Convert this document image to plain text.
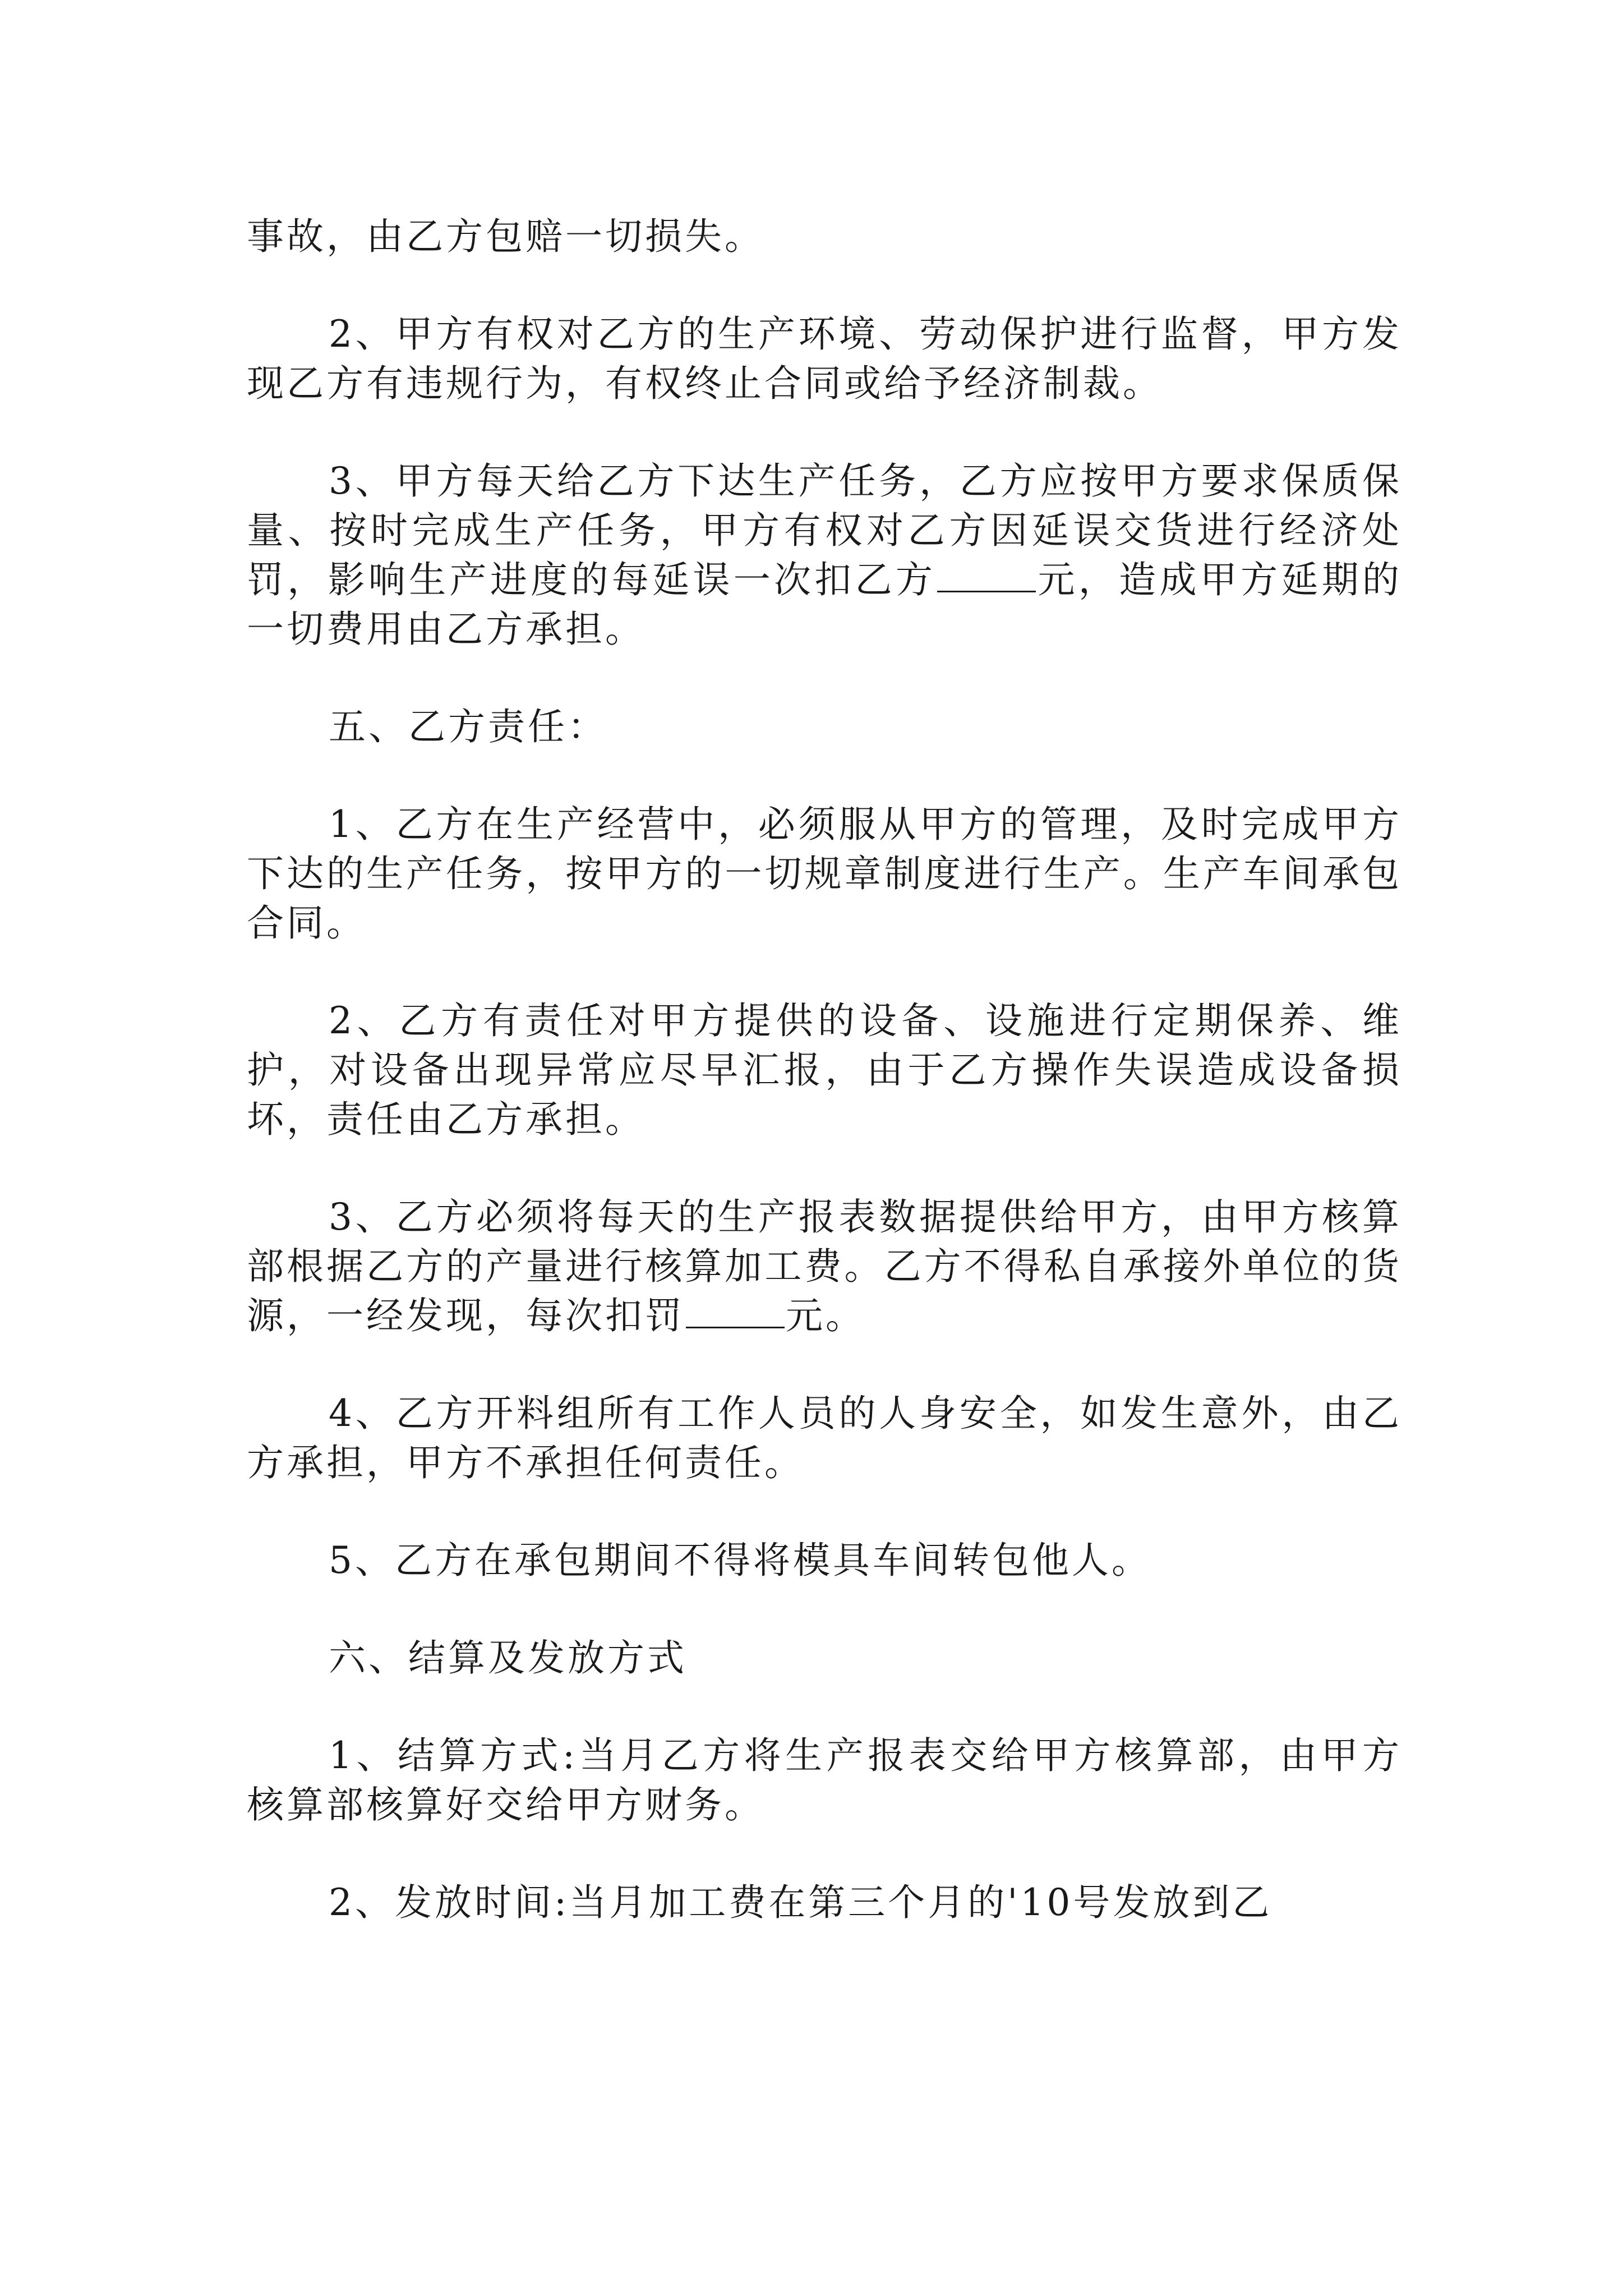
事故，由乙方包赔一切损失。

2、甲方有权对乙方的生产环境、劳动保护进行监督，甲方发现乙方有违规行为，有权终止合同或给予经济制裁。

3、甲方每天给乙方下达生产任务，乙方应按甲方要求保质保量、按时完成生产任务，甲方有权对乙方因延误交货进行经济处罚，影响生产进度的每延误一次扣乙方	元，造成甲方延期的一切费用由乙方承担。

五、乙方责任：

1、乙方在生产经营中，必须服从甲方的管理，及时完成甲方下达的生产任务，按甲方的一切规章制度进行生产。生产车间承包合同。

2、乙方有责任对甲方提供的设备、设施进行定期保养、维护，对设备出现异常应尽早汇报，由于乙方操作失误造成设备损坏，责任由乙方承担。

3、乙方必须将每天的生产报表数据提供给甲方，由甲方核算部根据乙方的产量进行核算加工费。乙方不得私自承接外单位的货源，一经发现，每次扣罚	元。

4、乙方开料组所有工作人员的人身安全，如发生意外，由乙方承担，甲方不承担任何责任。

5、乙方在承包期间不得将模具车间转包他人。

六、结算及发放方式

1、结算方式:当月乙方将生产报表交给甲方核算部，由甲方核算部核算好交给甲方财务。

2、发放时间:当月加工费在第三个月的'10号发放到乙
